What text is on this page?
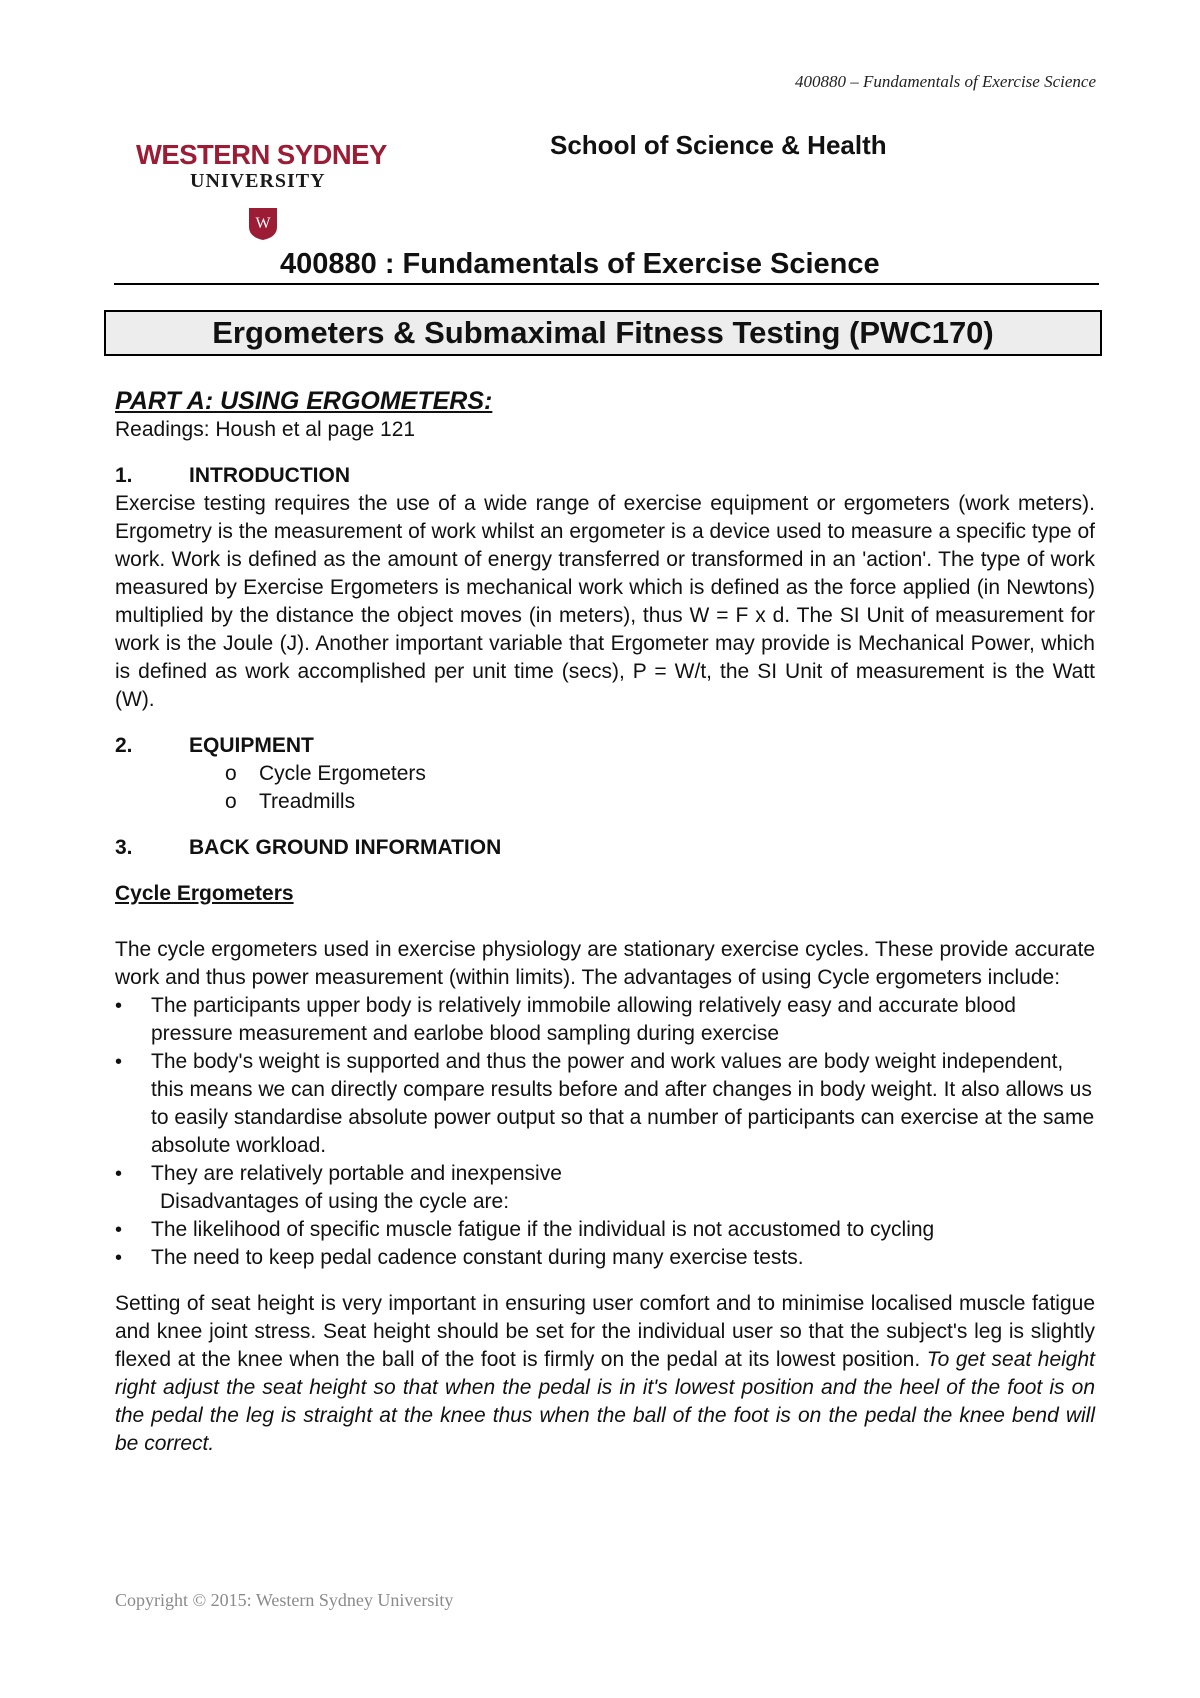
400880 – Fundamentals of Exercise Science
WESTERN SYDNEY
UNIVERSITY
W
School of Science & Health
400880 : Fundamentals of Exercise Science
Ergometers & Submaximal Fitness Testing (PWC170)

PART A: USING ERGOMETERS:

Readings: Housh et al page 121

1.	INTRODUCTION

Exercise testing requires the use of a wide range of exercise equipment or ergometers (work meters). Ergometry is the measurement of work whilst an ergometer is a device used to measure a specific type of work. Work is defined as the amount of energy transferred or transformed in an 'action'. The type of work measured by Exercise Ergometers is mechanical work which is defined as the force applied (in Newtons) multiplied by the distance the object moves (in meters), thus W = F x d. The SI Unit of measurement for work is the Joule (J). Another important variable that Ergometer may provide is Mechanical Power, which is defined as work accomplished per unit time (secs), P = W/t, the SI Unit of measurement is the Watt (W).

2.	EQUIPMENT
o	Cycle Ergometers
o	Treadmills
3.	BACK GROUND INFORMATION

Cycle Ergometers

The cycle ergometers used in exercise physiology are stationary exercise cycles. These provide accurate work and thus power measurement (within limits). The advantages of using Cycle ergometers include:

•	The participants upper body is relatively immobile allowing relatively easy and accurate blood pressure measurement and earlobe blood sampling during exercise
•	The body's weight is supported and thus the power and work values are body weight independent, this means we can directly compare results before and after changes in body weight. It also allows us to easily standardise absolute power output so that a number of participants can exercise at the same absolute workload.
•	They are relatively portable and inexpensive

Disadvantages of using the cycle are:

•	The likelihood of specific muscle fatigue if the individual is not accustomed to cycling
•	The need to keep pedal cadence constant during many exercise tests.

Setting of seat height is very important in ensuring user comfort and to minimise localised muscle fatigue and knee joint stress. Seat height should be set for the individual user so that the subject's leg is slightly flexed at the knee when the ball of the foot is firmly on the pedal at its lowest position. To get seat height right adjust the seat height so that when the pedal is in it's lowest position and the heel of the foot is on the pedal the leg is straight at the knee thus when the ball of the foot is on the pedal the knee bend will be correct.

Copyright © 2015: Western Sydney University
